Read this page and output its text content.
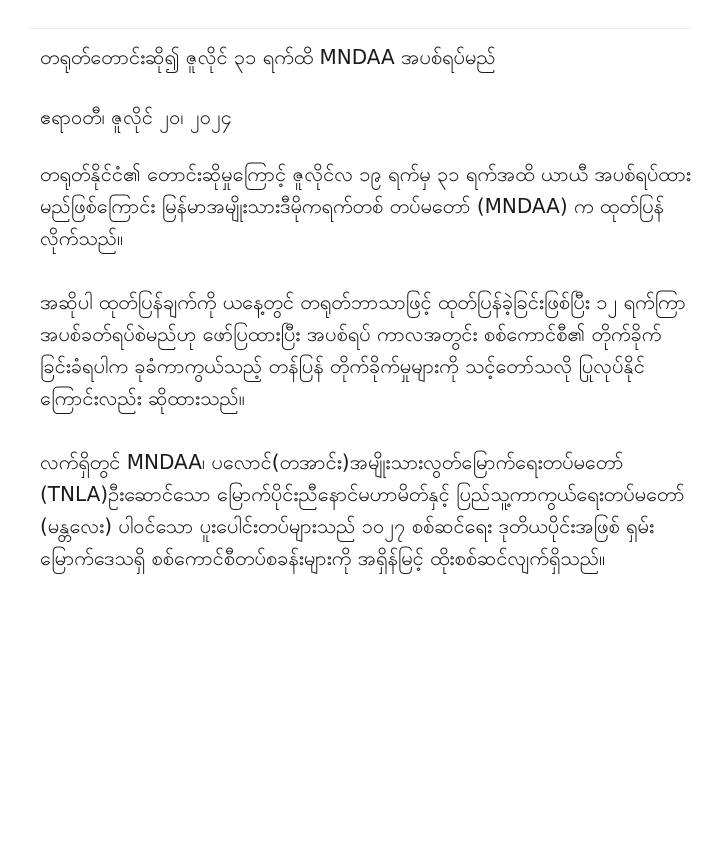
တရုတ်တောင်းဆို၍ ဇူလိုင် ၃၁ ရက်ထိ MNDAA အပစ်ရပ်မည်
ဧရာဝတီ၊ ဇူလိုင် ၂၀၊ ၂၀၂၄

တရုတ်နိုင်ငံ၏ တောင်းဆိုမှုကြောင့် ဇူလိုင်လ ၁၉ ရက်မှ ၃၁ ရက်အထိ ယာယီ အပစ်ရပ်ထားမည်ဖြစ်ကြောင်း မြန်မာအမျိုးသားဒီမိုကရက်တစ် တပ်မတော် (MNDAA) က ထုတ်ပြန်လိုက်သည်။

အဆိုပါ ထုတ်ပြန်ချက်ကို ယနေ့တွင် တရုတ်ဘာသာဖြင့် ထုတ်ပြန်ခဲ့ခြင်းဖြစ်ပြီး ၁၂ ရက်ကြာ အပစ်ခတ်ရပ်စဲမည်ဟု ဖော်ပြထားပြီး အပစ်ရပ် ကာလအတွင်း စစ်ကောင်စီ၏ တိုက်ခိုက်ခြင်းခံရပါက ခုခံကာကွယ်သည့် တန်ပြန် တိုက်ခိုက်မှုများကို သင့်တော်သလို ပြုလုပ်နိုင်ကြောင်းလည်း ဆိုထားသည်။

လက်ရှိတွင် MNDAA၊ ပလောင်(တအာင်း)အမျိုးသားလွတ်မြောက်ရေးတပ်မတော် (TNLA)ဦးဆောင်သော မြောက်ပိုင်းညီနောင်မဟာမိတ်နှင့် ပြည်သူ့ကာကွယ်ရေးတပ်မတော် (မန္တလေး) ပါဝင်သော ပူးပေါင်းတပ်များသည် ၁၀၂၇ စစ်ဆင်ရေး ဒုတိယပိုင်းအဖြစ် ရှမ်းမြောက်ဒေသရှိ စစ်ကောင်စီတပ်စခန်းများကို အရှိန်မြင့် ထိုးစစ်ဆင်လျက်ရှိသည်။
